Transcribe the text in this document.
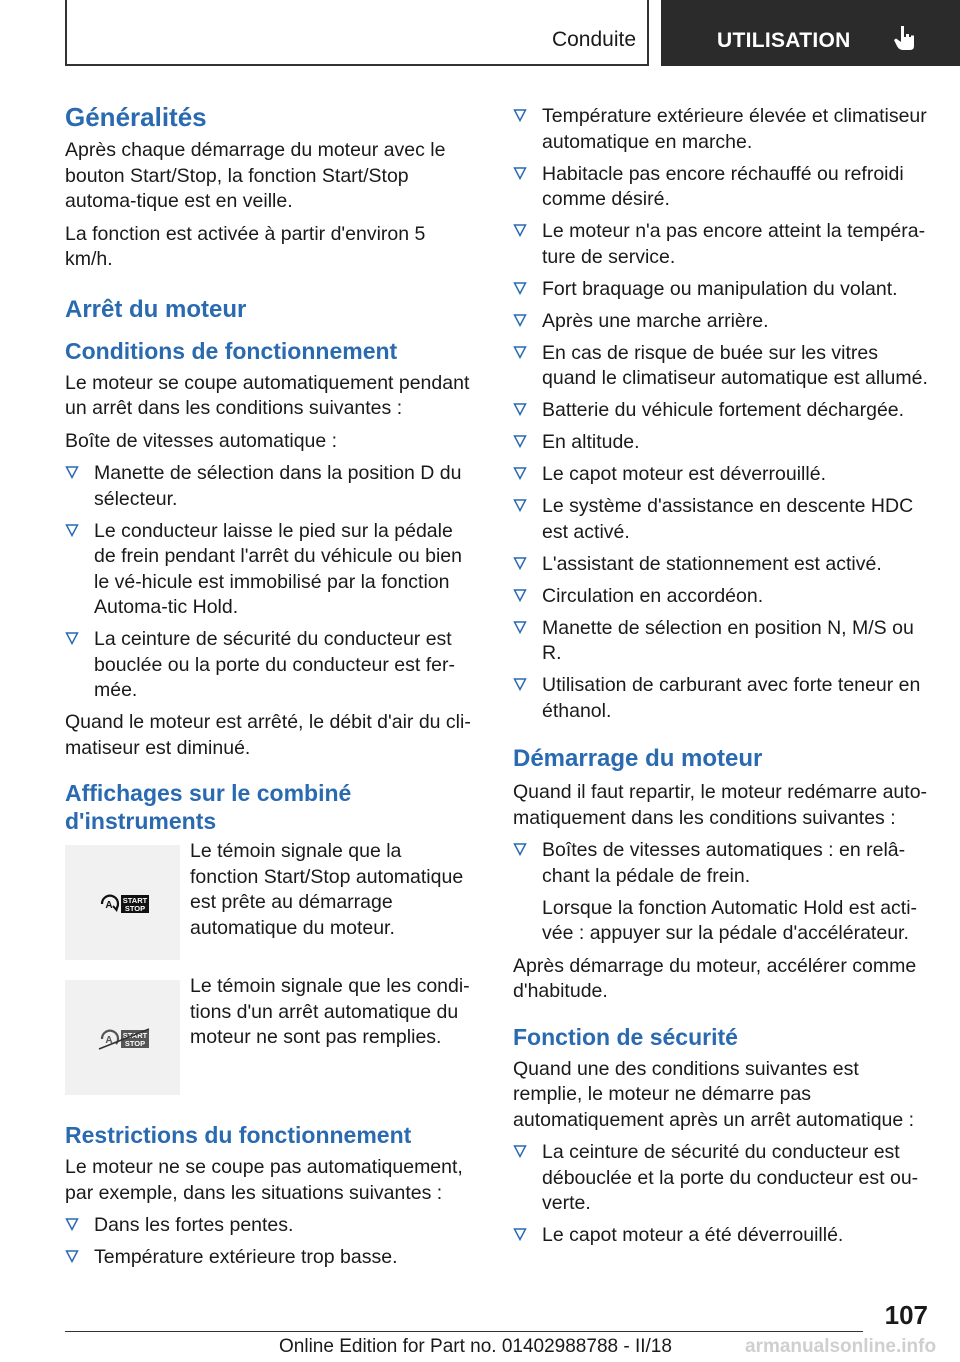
Conduite	UTILISATION
Généralités
Après chaque démarrage du moteur avec le bouton Start/Stop, la fonction Start/Stop automa-tique est en veille.
La fonction est activée à partir d'environ 5 km/h.
Arrêt du moteur
Conditions de fonctionnement
Le moteur se coupe automatiquement pendant un arrêt dans les conditions suivantes :
Boîte de vitesses automatique :
Manette de sélection dans la position D du sélecteur.
Le conducteur laisse le pied sur la pédale de frein pendant l'arrêt du véhicule ou bien le vé-hicule est immobilisé par la fonction Automa-tic Hold.
La ceinture de sécurité du conducteur est bouclée ou la porte du conducteur est fer-mée.
Quand le moteur est arrêté, le débit d'air du cli-matiseur est diminué.
Affichages sur le combiné d'instruments
A START
STOP
Le témoin signale que la fonction Start/Stop automatique est prête au démarrage automatique du moteur.
A START
STOP
Le témoin signale que les condi-tions d'un arrêt automatique du moteur ne sont pas remplies.
Restrictions du fonctionnement
Le moteur ne se coupe pas automatiquement, par exemple, dans les situations suivantes :
Dans les fortes pentes.
Température extérieure trop basse.
Température extérieure élevée et climatiseur automatique en marche.
Habitacle pas encore réchauffé ou refroidi comme désiré.
Le moteur n'a pas encore atteint la tempéra-ture de service.
Fort braquage ou manipulation du volant.
Après une marche arrière.
En cas de risque de buée sur les vitres quand le climatiseur automatique est allumé.
Batterie du véhicule fortement déchargée.
En altitude.
Le capot moteur est déverrouillé.
Le système d'assistance en descente HDC est activé.
L'assistant de stationnement est activé.
Circulation en accordéon.
Manette de sélection en position N, M/S ou R.
Utilisation de carburant avec forte teneur en éthanol.
Démarrage du moteur
Quand il faut repartir, le moteur redémarre auto-matiquement dans les conditions suivantes :
Boîtes de vitesses automatiques : en relâ-chant la pédale de frein.
Lorsque la fonction Automatic Hold est acti-vée : appuyer sur la pédale d'accélérateur.
Après démarrage du moteur, accélérer comme d'habitude.
Fonction de sécurité
Quand une des conditions suivantes est remplie, le moteur ne démarre pas automatiquement après un arrêt automatique :
La ceinture de sécurité du conducteur est débouclée et la porte du conducteur est ou-verte.
Le capot moteur a été déverrouillé.
107
Online Edition for Part no. 01402988788 - II/18	armanualsonline.info
